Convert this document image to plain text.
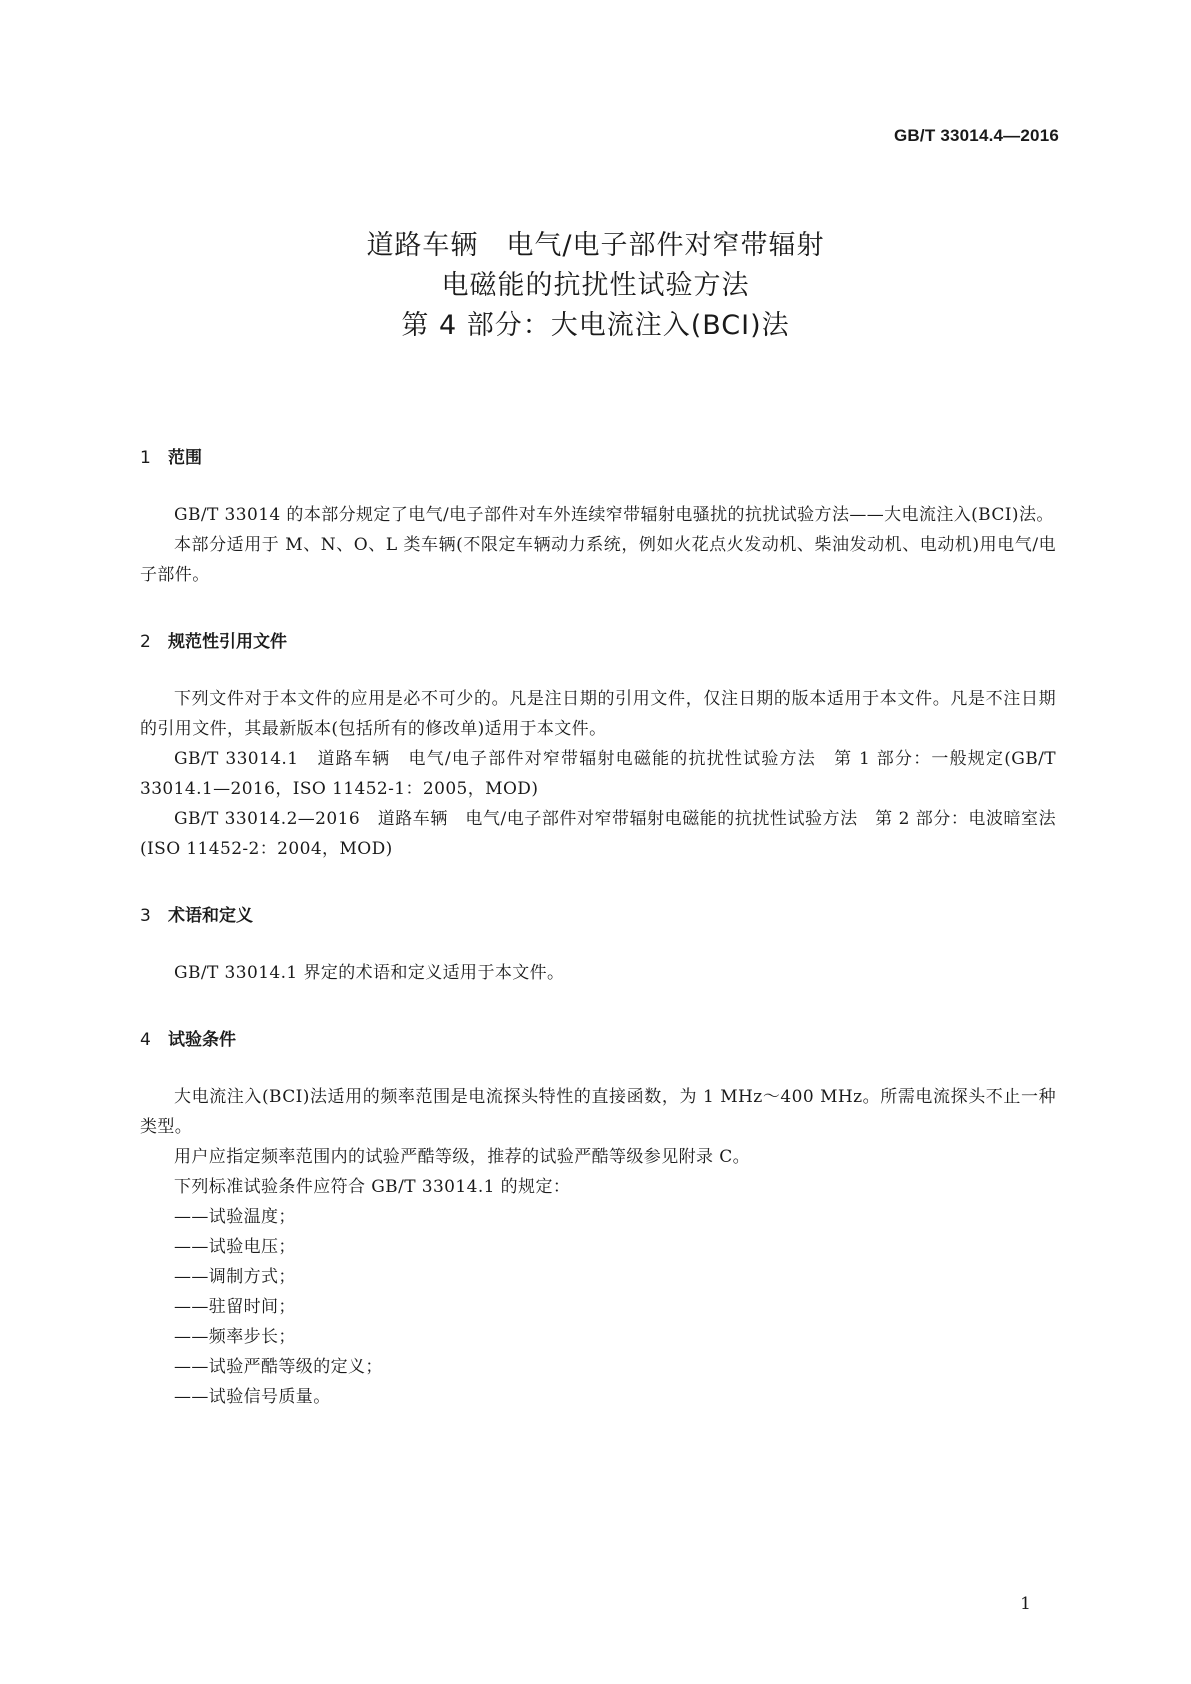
GB/T 33014.4—2016
道路车辆　电气/电子部件对窄带辐射
电磁能的抗扰性试验方法
第 4 部分：大电流注入(BCI)法
1 范围

GB/T 33014 的本部分规定了电气/电子部件对车外连续窄带辐射电骚扰的抗扰试验方法——大电流注入(BCI)法。

本部分适用于 M、N、O、L 类车辆(不限定车辆动力系统，例如火花点火发动机、柴油发动机、电动机)用电气/电子部件。

2 规范性引用文件

下列文件对于本文件的应用是必不可少的。凡是注日期的引用文件，仅注日期的版本适用于本文件。凡是不注日期的引用文件，其最新版本(包括所有的修改单)适用于本文件。

GB/T 33014.1　道路车辆　电气/电子部件对窄带辐射电磁能的抗扰性试验方法　第 1 部分：一般规定(GB/T 33014.1—2016，ISO 11452-1：2005，MOD)

GB/T 33014.2—2016　道路车辆　电气/电子部件对窄带辐射电磁能的抗扰性试验方法　第 2 部分：电波暗室法(ISO 11452-2：2004，MOD)

3 术语和定义

GB/T 33014.1 界定的术语和定义适用于本文件。

4 试验条件

大电流注入(BCI)法适用的频率范围是电流探头特性的直接函数，为 1 MHz～400 MHz。所需电流探头不止一种类型。

用户应指定频率范围内的试验严酷等级，推荐的试验严酷等级参见附录 C。

下列标准试验条件应符合 GB/T 33014.1 的规定：

——试验温度；

——试验电压；

——调制方式；

——驻留时间；

——频率步长；

——试验严酷等级的定义；

——试验信号质量。

1
